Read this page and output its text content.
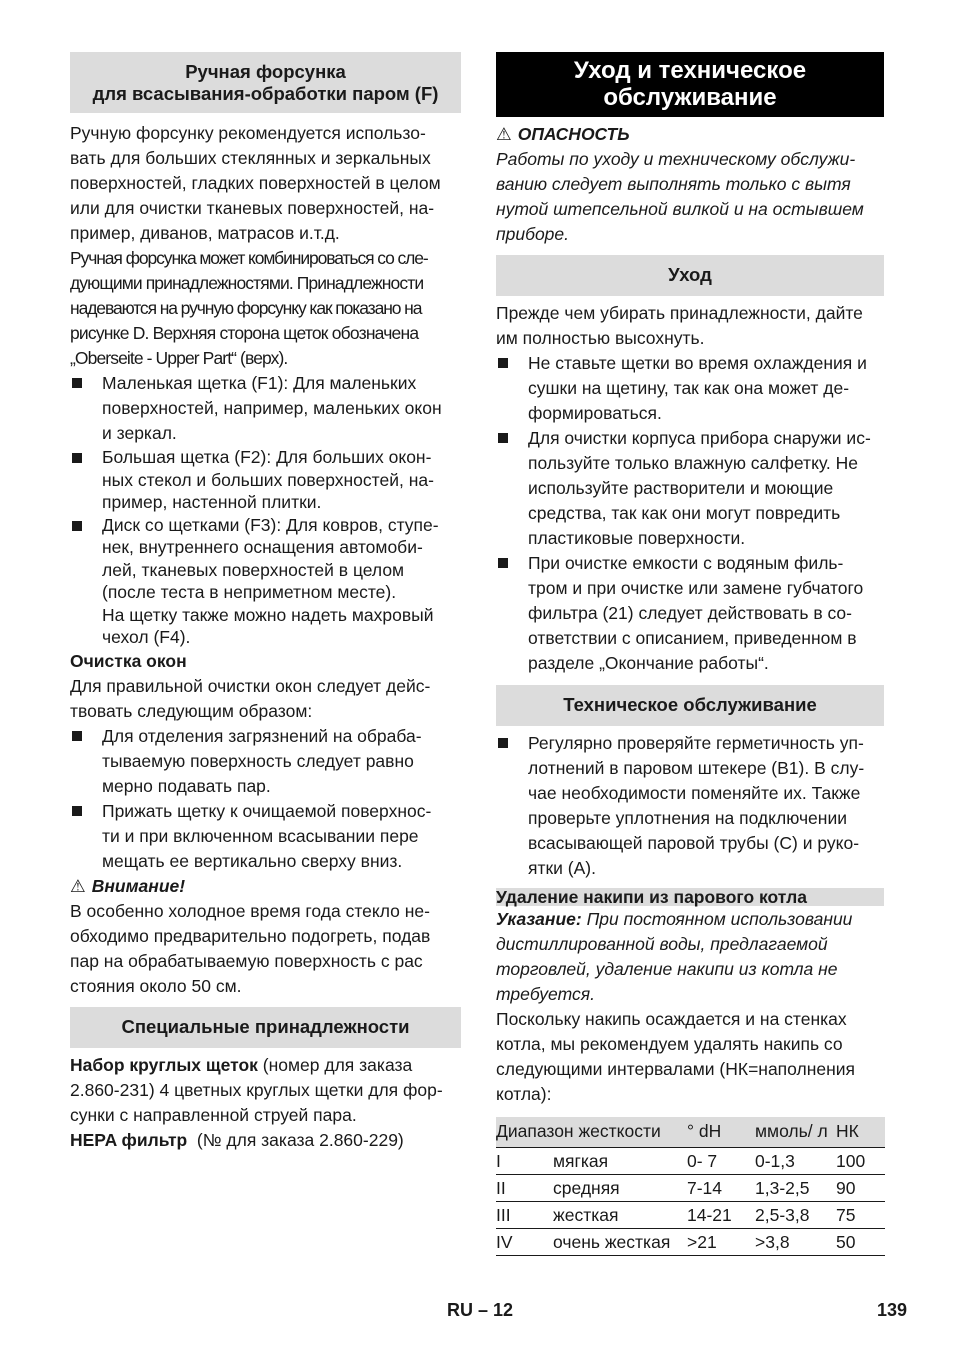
Ручная форсунка
для всасывания-обработки паром (F)
Ручную форсунку рекомендуется использо-
вать для больших стеклянных и зеркальных
поверхностей, гладких поверхностей в целом
или для очистки тканевых поверхностей, на-
пример, диванов, матрасов и.т.д.
Ручная форсунка может комбинироваться со сле-
дующими принадлежностями. Принадлежности
надеваются на ручную форсунку как показано на
рисунке D. Верхняя сторона щеток обозначена
„Oberseite - Upper Part“ (верх).
Маленькая щетка (F1): Для маленьких
поверхностей, например, маленьких окон
и зеркал.
Большая щетка (F2): Для больших окон-
ных стекол и больших поверхностей, на-
пример, настенной плитки.
Диск со щетками (F3): Для ковров, ступе-
нек, внутреннего оснащения автомоби-
лей, тканевых поверхностей в целом
(после теста в неприметном месте).
На щетку также можно надеть махровый
чехол (F4).
Очистка окон
Для правильной очистки окон следует дейс-
твовать следующим образом:
Для отделения загрязнений на обраба-
тываемую поверхность следует равно
мерно подавать пар.
Прижать щетку к очищаемой поверхнос-
ти и при включенном всасывании пере
мещать ее вертикально сверху вниз.
⚠ Внимание!
В особенно холодное время года стекло не-
обходимо предварительно подогреть, подав
пар на обрабатываемую поверхность с рас
стояния около 50 см.
Специальные принадлежности
Набор круглых щеток (номер для заказа
2.860-231) 4 цветных круглых щетки для фор-
сунки с направленной струей пара.
HEPA фильтр  (№ для заказа 2.860-229)
Уход и техническое
обслуживание
⚠ ОПАСНОСТЬ
Работы по уходу и техническому обслужи-
ванию следует выполнять только с вытя
нутой штепсельной вилкой и на остывшем
приборе.
Уход
Прежде чем убирать принадлежности, дайте
им полностью высохнуть.
Не ставьте щетки во время охлаждения и
сушки на щетину, так как она может де-
формироваться.
Для очистки корпуса прибора снаружи ис-
пользуйте только влажную салфетку. Не
используйте растворители и моющие
средства, так как они могут повредить
пластиковые поверхности.
При очистке емкости с водяным филь-
тром и при очистке или замене губчатого
фильтра (21) следует действовать в со-
ответствии с описанием, приведенном в
разделе „Окончание работы“.
Техническое обслуживание
Регулярно проверяйте герметичность уп-
лотнений в паровом штекере (B1). В слу-
чае необходимости поменяйте их. Также
проверьте уплотнения на подключении
всасывающей паровой трубы (C) и руко-
ятки (A).
Удаление накипи из парового котла
Указание: При постоянном использовании
дистиллированной воды, предлагаемой
торговлей, удаление накипи из котла не
требуется.
Поскольку накипь осаждается и на стенках
котла, мы рекомендуем удалять накипь со
следующими интервалами (НК=наполнения
котла):
Диапазон жесткости		° dH	ммоль/ л	НК
I	мягкая	0- 7	0-1,3	100
II	средняя	7-14	1,3-2,5	90
III	жесткая	14-21	2,5-3,8	75
IV	очень жесткая	>21	>3,8	50
RU – 12	139
